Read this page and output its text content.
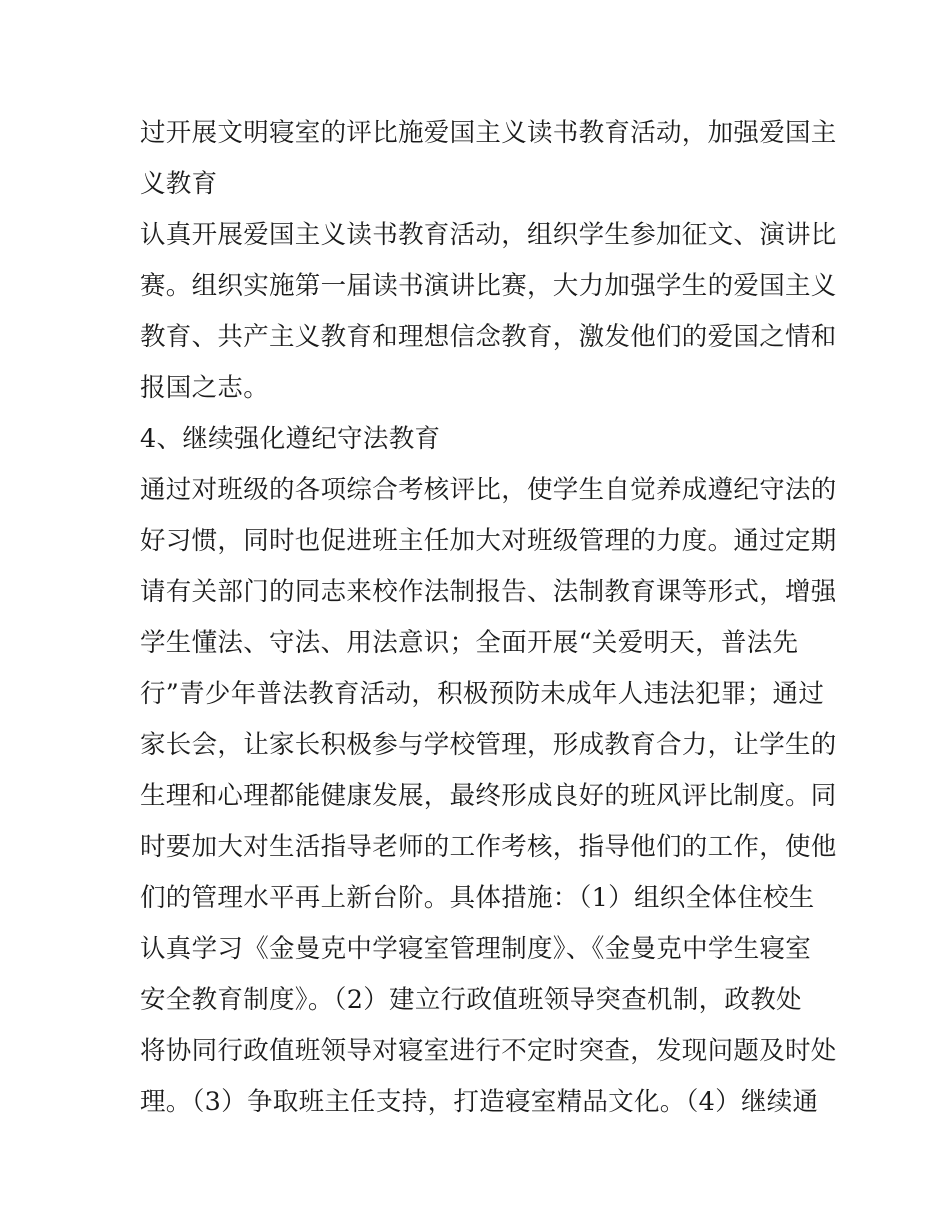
过开展文明寝室的评比施爱国主义读书教育活动，加强爱国主
义教育
认真开展爱国主义读书教育活动，组织学生参加征文、演讲比
赛。组织实施第一届读书演讲比赛，大力加强学生的爱国主义
教育、共产主义教育和理想信念教育，激发他们的爱国之情和
报国之志。
4、继续强化遵纪守法教育
通过对班级的各项综合考核评比，使学生自觉养成遵纪守法的
好习惯，同时也促进班主任加大对班级管理的力度。通过定期
请有关部门的同志来校作法制报告、法制教育课等形式，增强
学生懂法、守法、用法意识；全面开展“关爱明天，普法先
行”青少年普法教育活动，积极预防未成年人违法犯罪；通过
家长会，让家长积极参与学校管理，形成教育合力，让学生的
生理和心理都能健康发展，最终形成良好的班风评比制度。同
时要加大对生活指导老师的工作考核，指导他们的工作，使他
们的管理水平再上新台阶。具体措施：（1）组织全体住校生
认真学习《金曼克中学寝室管理制度》、《金曼克中学生寝室
安全教育制度》。（2）建立行政值班领导突查机制，政教处
将协同行政值班领导对寝室进行不定时突查，发现问题及时处
理。（3）争取班主任支持，打造寝室精品文化。（4）继续通
